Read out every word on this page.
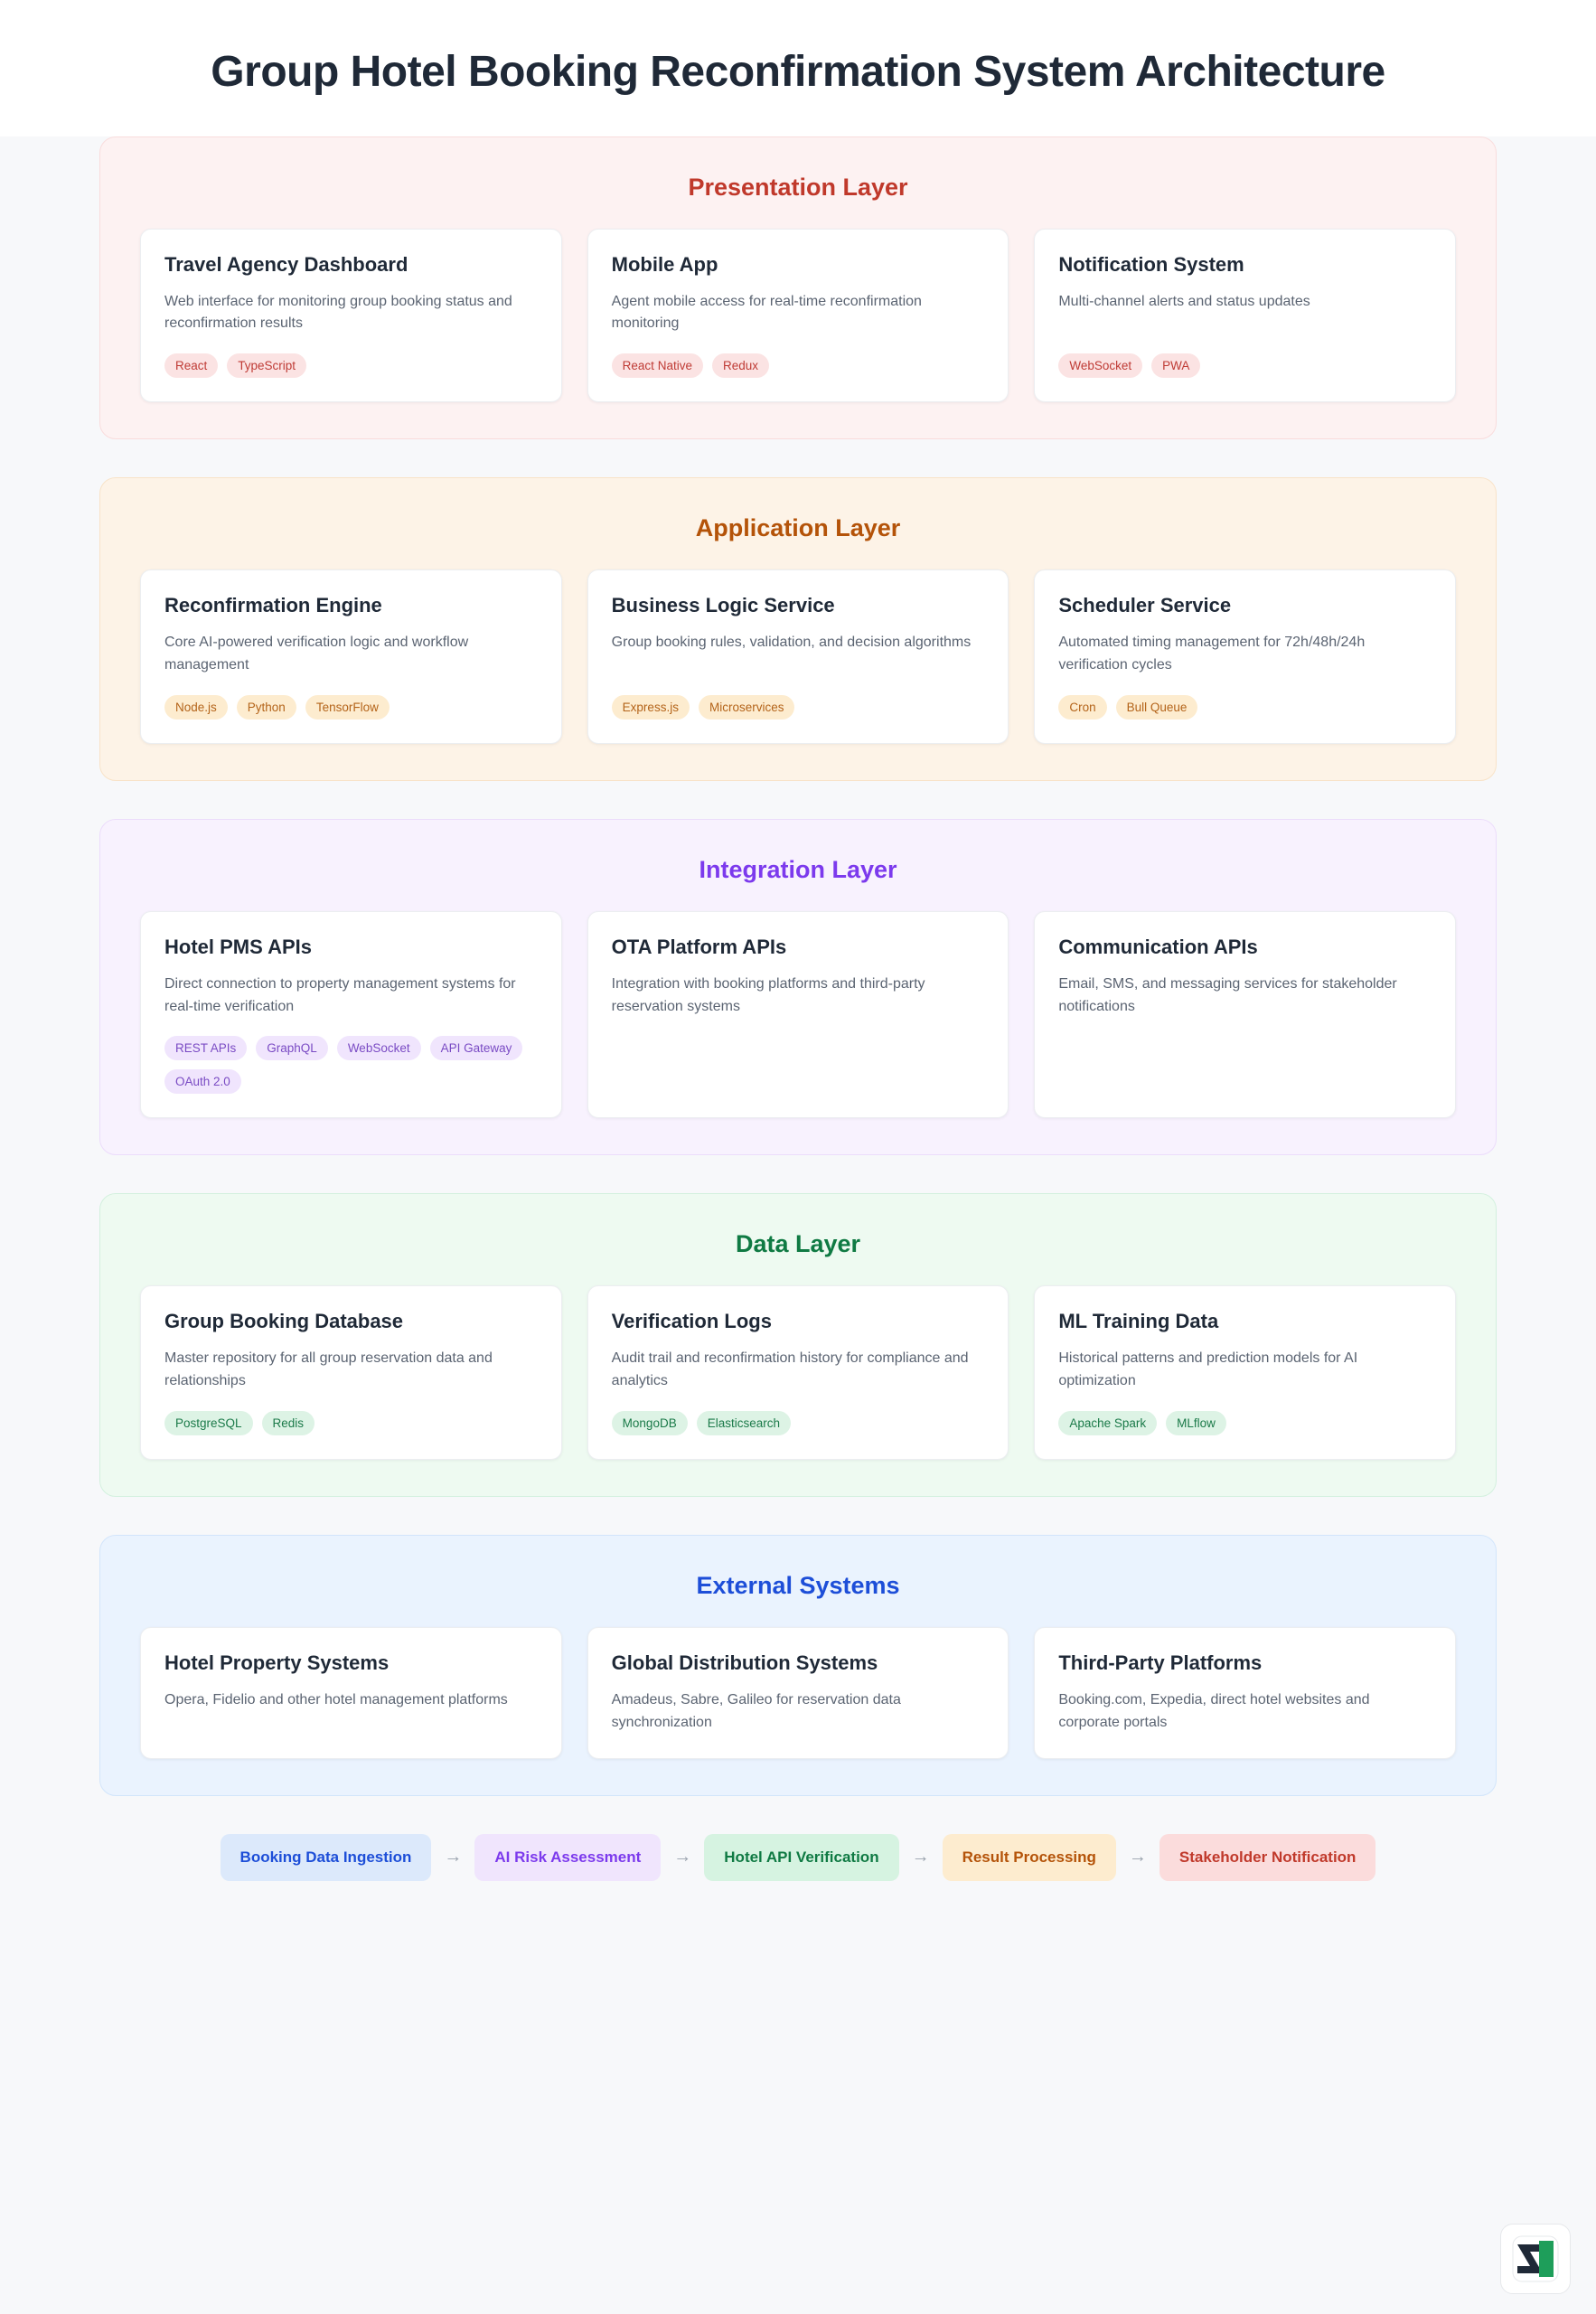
Group Hotel Booking Reconfirmation System Architecture
Presentation Layer
Travel Agency Dashboard

Web interface for monitoring group booking status and reconfirmation results

React	TypeScript
Mobile App

Agent mobile access for real-time reconfirmation monitoring

React Native	Redux
Notification System

Multi-channel alerts and status updates

WebSocket	PWA
Application Layer
Reconfirmation Engine

Core AI-powered verification logic and workflow management

Node.js	Python	TensorFlow
Business Logic Service

Group booking rules, validation, and decision algorithms

Express.js	Microservices
Scheduler Service

Automated timing management for 72h/48h/24h verification cycles

Cron	Bull Queue
Integration Layer
Hotel PMS APIs

Direct connection to property management systems for real-time verification

REST APIs	GraphQL	WebSocket	API Gateway
OAuth 2.0
OTA Platform APIs

Integration with booking platforms and third-party reservation systems

Communication APIs

Email, SMS, and messaging services for stakeholder notifications

Data Layer
Group Booking Database

Master repository for all group reservation data and relationships

PostgreSQL	Redis
Verification Logs

Audit trail and reconfirmation history for compliance and analytics

MongoDB	Elasticsearch
ML Training Data

Historical patterns and prediction models for AI optimization

Apache Spark	MLflow
External Systems
Hotel Property Systems

Opera, Fidelio and other hotel management platforms

Global Distribution Systems

Amadeus, Sabre, Galileo for reservation data synchronization

Third-Party Platforms

Booking.com, Expedia, direct hotel websites and corporate portals

Booking Data Ingestion	→	AI Risk Assessment	→	Hotel API Verification	→	Result Processing	→	Stakeholder Notification
